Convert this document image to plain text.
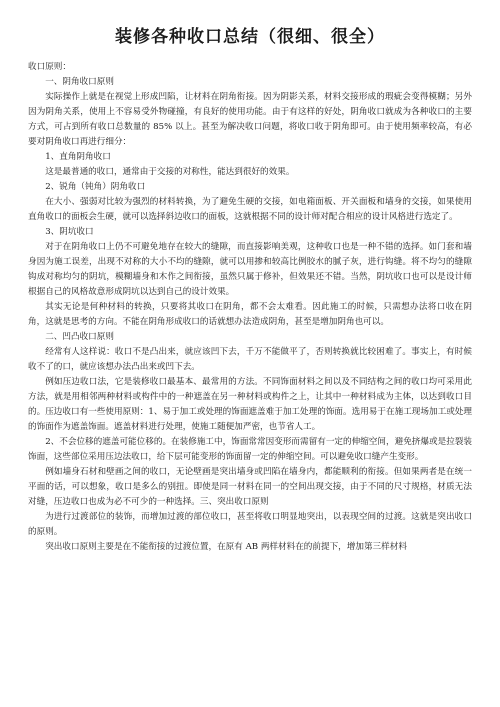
装修各种收口总结（很细、很全）

收口原则：

一、阴角收口原则

实际操作上就是在视觉上形成凹陷，让材料在阴角衔接。因为阴影关系，材料交接形成的瑕疵会变得模糊；另外因为阴角关系，使用上不容易受外物碰撞，有良好的使用功能。由于有这样的好处，阴角收口就成为各种收口的主要方式，可占到所有收口总数量的 85% 以上。甚至为解决收口问题，将收口收于阴角即可。由于使用频率较高，有必要对阴角收口再进行细分：

1、直角阴角收口

这是最普通的收口，通常由于交接的对称性，能达到很好的效果。

2、锐角（钝角）阴角收口

在大小、强弱对比较为强烈的材料转换，为了避免生硬的交接，如电箱面板、开关面板和墙身的交接，如果使用直角收口的面板会生硬，就可以选择斜边收口的面板，这就根据不同的设计师对配合相应的设计风格进行选定了。

3、阴坑收口

对于在阴角收口上仍不可避免地存在较大的缝隙，而直接影响美观，这种收口也是一种不错的选择。如门套和墙身因为施工误差，出现不对称的大小不均的缝隙，就可以用掺和较高比例胶水的腻子灰，进行钩缝。将不均匀的缝隙钩成对称均匀的阴坑，模糊墙身和木作之间衔接，虽然只属于修补，但效果还不错。当然，阴坑收口也可以是设计师根据自己的风格故意形成阴坑以达到自己的设计效果。

其实无论是何种材料的转换，只要将其收口在阴角，都不会太难看。因此施工的时候，只需想办法将口收在阴角，这就是思考的方向。不能在阴角形成收口的话就想办法造成阴角，甚至是增加阴角也可以。

二、凹凸收口原则

经常有人这样说：收口不是凸出来，就应该凹下去，千万不能做平了，否则转换就比较困难了。事实上，有时候收不了的口，就应该想办法凸出来或凹下去。

例如压边收口法，它是装修收口最基本、最常用的方法。不同饰面材料之间以及不同结构之间的收口均可采用此方法，就是用相邻两种材料或构件中的一种遮盖在另一种材料或构件之上，让其中一种材料成为主体，以达到收口目的。压边收口有一些使用原则：1、易于加工或处理的饰面遮盖难于加工处理的饰面。选用易于在施工现场加工或处理的饰面作为遮盖饰面。遮盖材料进行处理，使施工随便加严密，也节省人工。

2、不会位移的遮盖可能位移的。在装修施工中，饰面常常因变形而需留有一定的伸缩空间，避免挤爆或是拉裂装饰面，这些部位采用压边法收口，给下层可能变形的饰面留一定的伸缩空间。可以避免收口缝产生变形。

例如墙身石材和壁画之间的收口，无论壁画是突出墙身或凹陷在墙身内，都能顺利的衔接。但如果两者是在统一平面的话，可以想象，收口是多么的别扭。即使是同一材料在同一的空间出现交接，由于不同的尺寸规格，材质无法对缝，压边收口也成为必不可少的一种选择。三、突出收口原则

为进行过渡部位的装饰，而增加过渡的部位收口，甚至将收口明显地突出，以表现空间的过渡。这就是突出收口的原则。

突出收口原则主要是在不能衔接的过渡位置，在原有 AB 两样材料在的前提下，增加第三样材料
